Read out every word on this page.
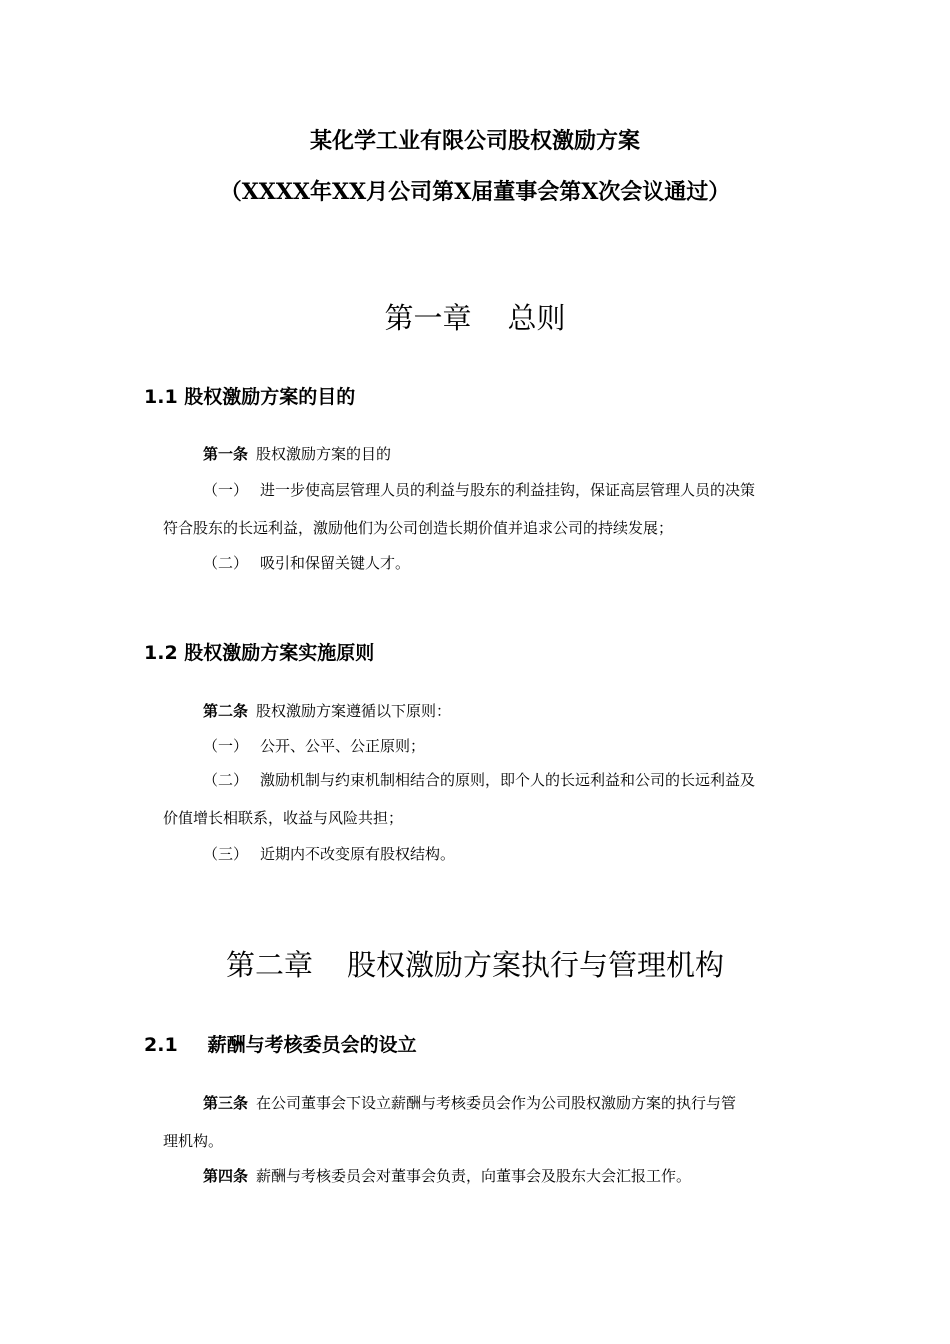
某化学工业有限公司股权激励方案
（XXXX年XX月公司第X届董事会第X次会议通过）
第一章 总则
1.1 股权激励方案的目的
第一条 股权激励方案的目的
（一） 进一步使高层管理人员的利益与股东的利益挂钩，保证高层管理人员的决策
符合股东的长远利益，激励他们为公司创造长期价值并追求公司的持续发展；
（二） 吸引和保留关键人才。
1.2 股权激励方案实施原则
第二条 股权激励方案遵循以下原则：
（一） 公开、公平、公正原则；
（二） 激励机制与约束机制相结合的原则，即个人的长远利益和公司的长远利益及
价值增长相联系，收益与风险共担；
（三） 近期内不改变原有股权结构。
第二章 股权激励方案执行与管理机构
2.1 薪酬与考核委员会的设立
第三条 在公司董事会下设立薪酬与考核委员会作为公司股权激励方案的执行与管
理机构。
第四条 薪酬与考核委员会对董事会负责，向董事会及股东大会汇报工作。
